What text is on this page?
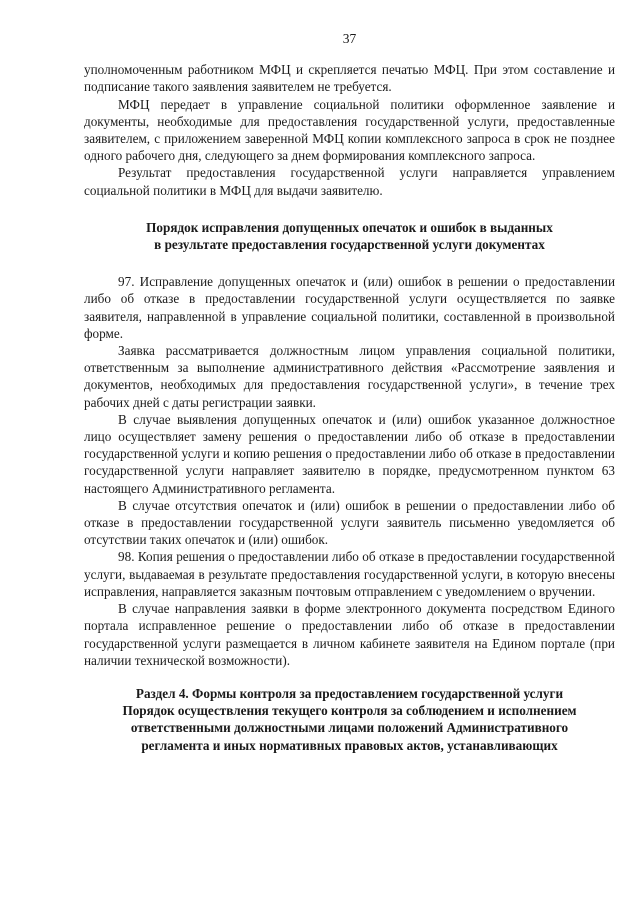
37

уполномоченным работником МФЦ и скрепляется печатью МФЦ. При этом составление и подписание такого заявления заявителем не требуется.

МФЦ передает в управление социальной политики оформленное заявление и документы, необходимые для предоставления государственной услуги, предоставленные заявителем, с приложением заверенной МФЦ копии комплексного запроса в срок не позднее одного рабочего дня, следующего за днем формирования комплексного запроса.

Результат предоставления государственной услуги направляется управлением социальной политики в МФЦ для выдачи заявителю.

Порядок исправления допущенных опечаток и ошибок в выданных
в результате предоставления государственной услуги документах

97. Исправление допущенных опечаток и (или) ошибок в решении о предоставлении либо об отказе в предоставлении государственной услуги осуществляется по заявке заявителя, направленной в управление социальной политики, составленной в произвольной форме.

Заявка рассматривается должностным лицом управления социальной политики, ответственным за выполнение административного действия «Рассмотрение заявления и документов, необходимых для предоставления государственной услуги», в течение трех рабочих дней с даты регистрации заявки.

В случае выявления допущенных опечаток и (или) ошибок указанное должностное лицо осуществляет замену решения о предоставлении либо об отказе в предоставлении государственной услуги и копию решения о предоставлении либо об отказе в предоставлении государственной услуги направляет заявителю в порядке, предусмотренном пунктом 63 настоящего Административного регламента.

В случае отсутствия опечаток и (или) ошибок в решении о предоставлении либо об отказе в предоставлении государственной услуги заявитель письменно уведомляется об отсутствии таких опечаток и (или) ошибок.

98. Копия решения о предоставлении либо об отказе в предоставлении государственной услуги, выдаваемая в результате предоставления государственной услуги, в которую внесены исправления, направляется заказным почтовым отправлением с уведомлением о вручении.

В случае направления заявки в форме электронного документа посредством Единого портала исправленное решение о предоставлении либо об отказе в предоставлении государственной услуги размещается в личном кабинете заявителя на Едином портале (при наличии технической возможности).

Раздел 4. Формы контроля за предоставлением государственной услуги
Порядок осуществления текущего контроля за соблюдением и исполнением
ответственными должностными лицами положений Административного
регламента и иных нормативных правовых актов, устанавливающих
